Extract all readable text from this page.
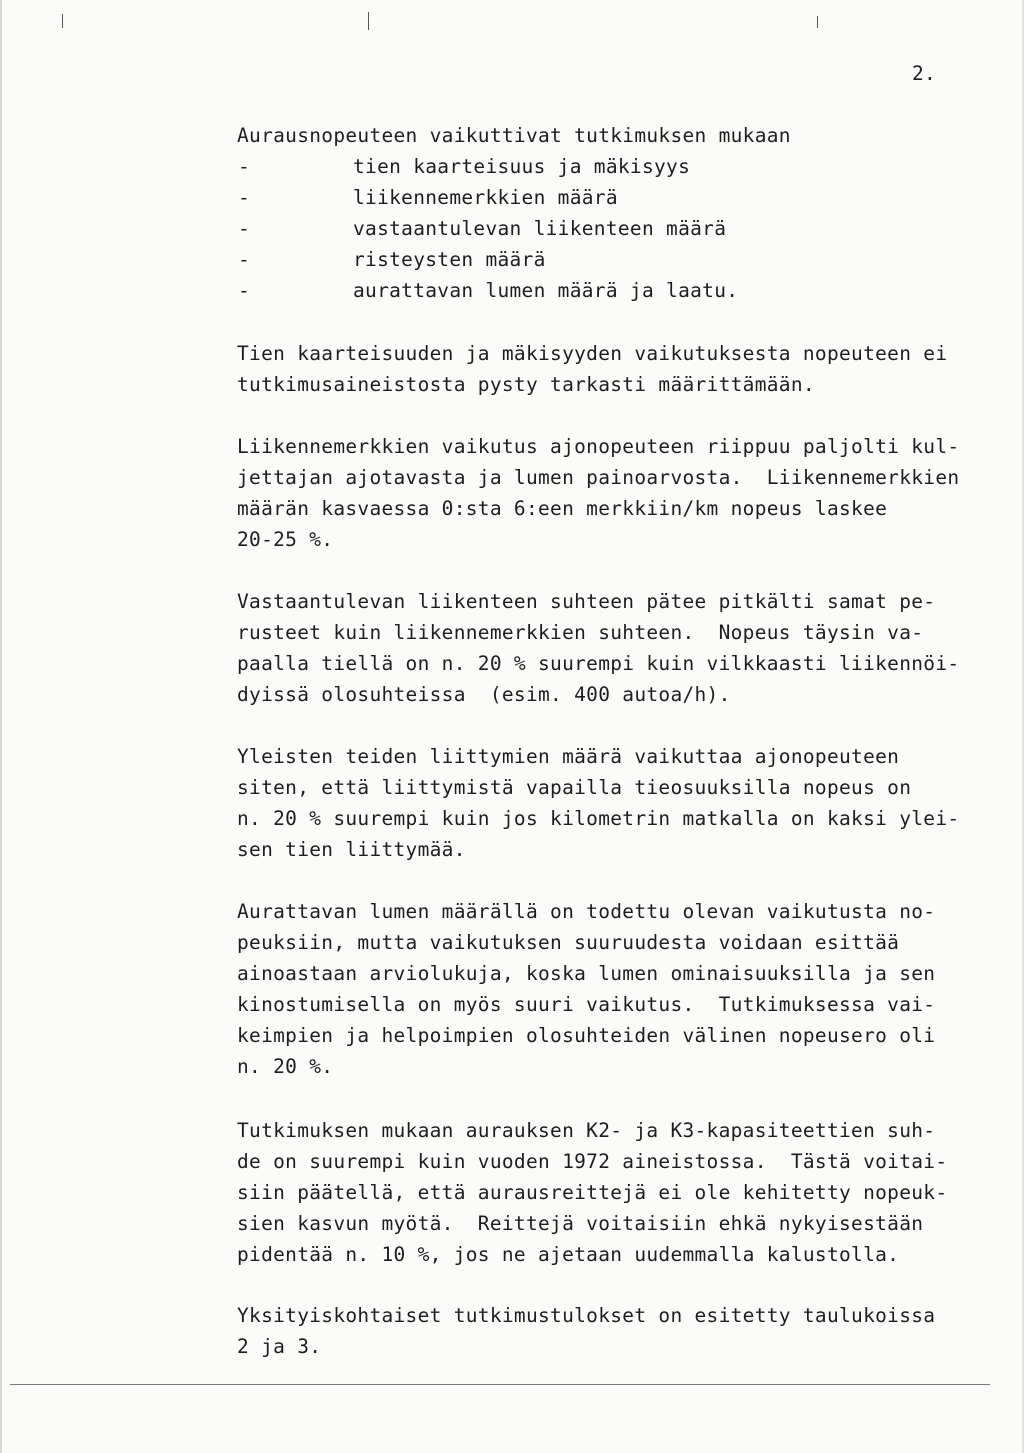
2.
Aurausnopeuteen vaikuttivat tutkimuksen mukaan
-	tien kaarteisuus ja mäkisyys
-	liikennemerkkien määrä
-	vastaantulevan liikenteen määrä
-	risteysten määrä
-	aurattavan lumen määrä ja laatu.
Tien kaarteisuuden ja mäkisyyden vaikutuksesta nopeuteen ei
tutkimusaineistosta pysty tarkasti määrittämään.
Liikennemerkkien vaikutus ajonopeuteen riippuu paljolti kul-
jettajan ajotavasta ja lumen painoarvosta.  Liikennemerkkien
määrän kasvaessa 0:sta 6:een merkkiin/km nopeus laskee
20-25 %.
Vastaantulevan liikenteen suhteen pätee pitkälti samat pe-
rusteet kuin liikennemerkkien suhteen.  Nopeus täysin va-
paalla tiellä on n. 20 % suurempi kuin vilkkaasti liikennöi-
dyissä olosuhteissa  (esim. 400 autoa/h).
Yleisten teiden liittymien määrä vaikuttaa ajonopeuteen
siten, että liittymistä vapailla tieosuuksilla nopeus on
n. 20 % suurempi kuin jos kilometrin matkalla on kaksi ylei-
sen tien liittymää.
Aurattavan lumen määrällä on todettu olevan vaikutusta no-
peuksiin, mutta vaikutuksen suuruudesta voidaan esittää
ainoastaan arviolukuja, koska lumen ominaisuuksilla ja sen
kinostumisella on myös suuri vaikutus.  Tutkimuksessa vai-
keimpien ja helpoimpien olosuhteiden välinen nopeusero oli
n. 20 %.
Tutkimuksen mukaan aurauksen K2- ja K3-kapasiteettien suh-
de on suurempi kuin vuoden 1972 aineistossa.  Tästä voitai-
siin päätellä, että aurausreittejä ei ole kehitetty nopeuk-
sien kasvun myötä.  Reittejä voitaisiin ehkä nykyisestään
pidentää n. 10 %, jos ne ajetaan uudemmalla kalustolla.
Yksityiskohtaiset tutkimustulokset on esitetty taulukoissa
2 ja 3.
